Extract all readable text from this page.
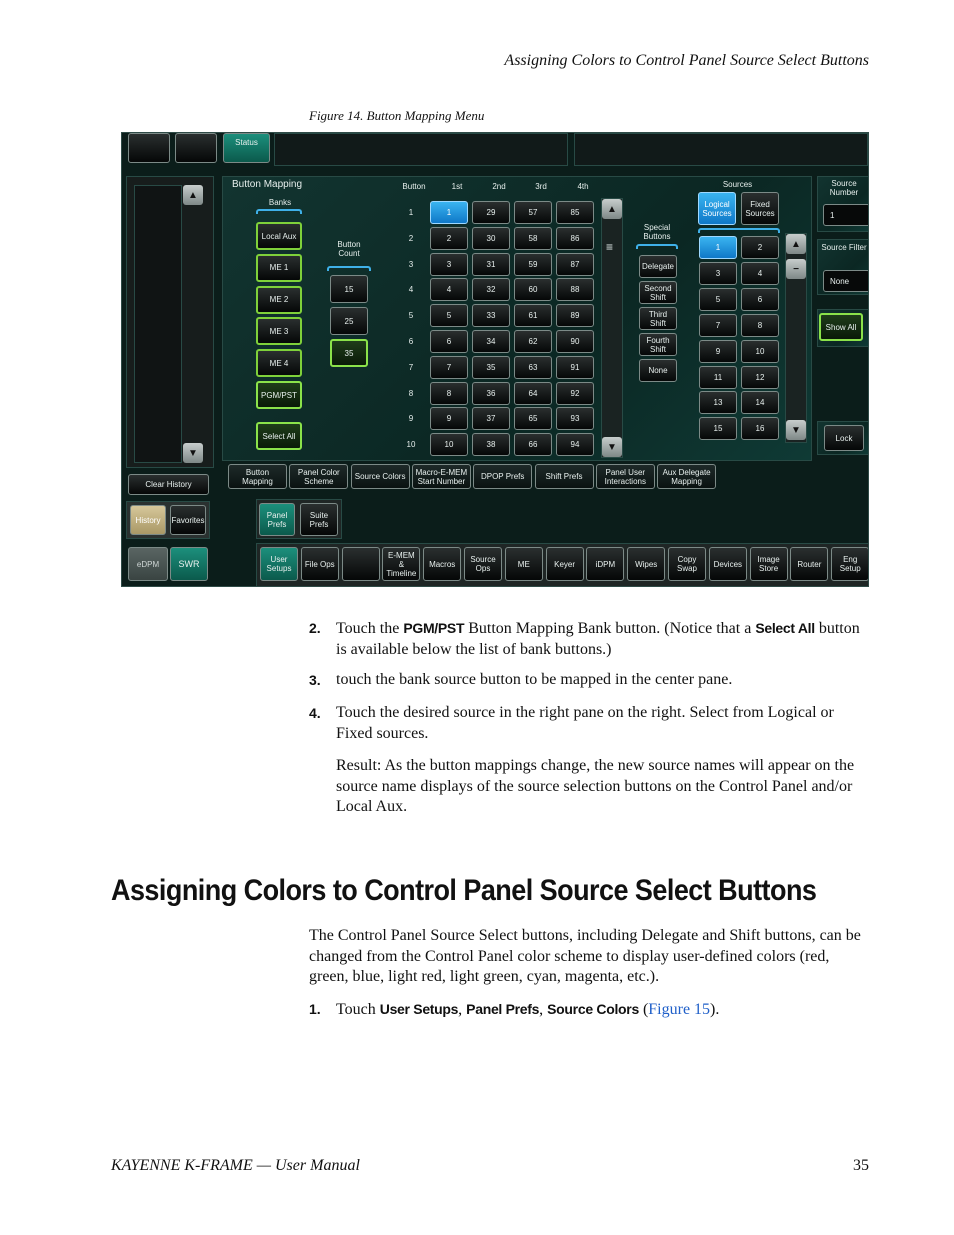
Assigning Colors to Control Panel Source Select Buttons
Figure 14. Button Mapping Menu
Status
▲
▼
Clear History
History	Favorites
eDPM	SWR
Button Mapping
Banks
Select All
Button Count
▲
≡
▼
Special Buttons
Sources
Logical Sources
Fixed Sources
▲
−
▼
Source Number
1
Source Filter
None
Show All
Lock
Panel Prefs
Suite Prefs
Local Aux
ME 1
ME 2
ME 3
ME 4
PGM/PST
15
25
35
Button	1st	2nd	3rd	4th
1	1	29	57	85
2	2	30	58	86
3	3	31	59	87
4	4	32	60	88
5	5	33	61	89
6	6	34	62	90
7	7	35	63	91
8	8	36	64	92
9	9	37	65	93
10	10	38	66	94
Delegate
Second Shift
Third Shift
Fourth Shift
None
1	2
3	4
5	6
7	8
9	10
11	12
13	14
15	16
Button Mapping
Panel Color Scheme	Source Colors	Macro-E-MEM Start Number	DPOP Prefs	Shift Prefs	Panel User Interactions
Aux Delegate Mapping
User Setups	File Ops
E-MEM & Timeline
Macros	Source Ops	ME	Keyer	iDPM	Wipes	Copy Swap	Devices	Image Store	Router	Eng Setup
2. Touch the PGM/PST Button Mapping Bank button. (Notice that a Select All button is available below the list of bank buttons.)
3. touch the bank source button to be mapped in the center pane.
4. Touch the desired source in the right pane on the right. Select from Logical or Fixed sources.
Result: As the button mappings change, the new source names will appear on the source name displays of the source selection buttons on the Control Panel and/or Local Aux.
Assigning Colors to Control Panel Source Select Buttons
The Control Panel Source Select buttons, including Delegate and Shift buttons, can be changed from the Control Panel color scheme to display user-defined colors (red, green, blue, light red, light green, cyan, magenta, etc.).
1. Touch User Setups, Panel Prefs, Source Colors (Figure 15).
KAYENNE K-FRAME — User Manual	35
